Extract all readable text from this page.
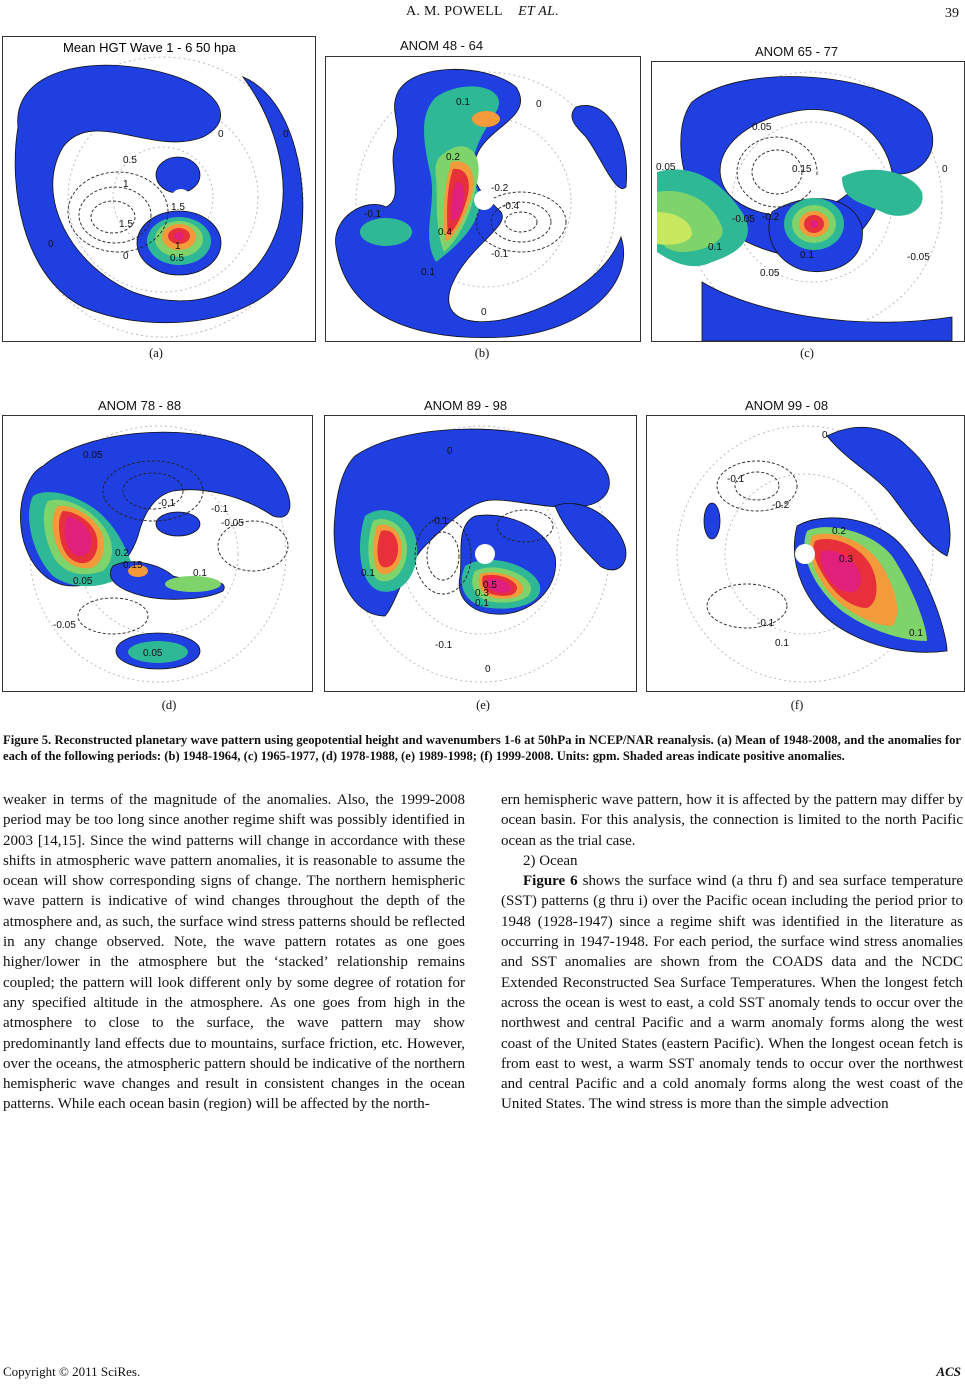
A. M. POWELL ET AL.	39
Mean HGT Wave 1 - 6 50 hpa
0.5
1
1.5
1.5
1
0.5
0
0
0
0
0.1
0.2
-0.1
-0.2
-0.4
0.4
-0.1
0.1
0
0
ANOM 48 - 64
0.05
0.15
0.05
-0.05 -0.2
0.1
0.1
0.05
-0.05
0
ANOM 65 - 77
(a)	(b)	(c)
0.05
-0.1
-0.05
0.2
0.15
0.05
0.1
-0.05
0.05
-0.1
ANOM 78 - 88
-0.1
0.1
0.5
0.3
0.1
-0.1
0
0
ANOM 89 - 98
-0.1
-0.2
0.2
0.3
0.1
-0.1
0.1
0
ANOM 99 - 08
(d)	(e)	(f)
Figure 5. Reconstructed planetary wave pattern using geopotential height and wavenumbers 1-6 at 50hPa in NCEP/NAR reanalysis. (a) Mean of 1948-2008, and the anomalies for each of the following periods: (b) 1948-1964, (c) 1965-1977, (d) 1978-1988, (e) 1989-1998; (f) 1999-2008. Units: gpm. Shaded areas indicate positive anomalies.

weaker in terms of the magnitude of the anomalies. Also, the 1999-2008 period may be too long since another regime shift was possibly identified in 2003 [14,15]. Since the wind patterns will change in accordance with these shifts in atmospheric wave pattern anomalies, it is reasonable to assume the ocean will show corresponding signs of change. The northern hemispheric wave pattern is indicative of wind changes throughout the depth of the atmosphere and, as such, the surface wind stress patterns should be reflected in any change observed. Note, the wave pattern rotates as one goes higher/lower in the atmosphere but the ‘stacked’ relationship remains coupled; the pattern will look different only by some degree of rotation for any specified altitude in the atmosphere. As one goes from high in the atmosphere to close to the surface, the wave pattern may show predominantly land effects due to mountains, surface friction, etc. However, over the oceans, the atmospheric pattern should be indicative of the northern hemispheric wave changes and result in consistent changes in the ocean patterns. While each ocean basin (region) will be affected by the north-

ern hemispheric wave pattern, how it is affected by the pattern may differ by ocean basin. For this analysis, the connection is limited to the north Pacific ocean as the trial case.

2) Ocean

Figure 6 shows the surface wind (a thru f) and sea surface temperature (SST) patterns (g thru i) over the Pacific ocean including the period prior to 1948 (1928-1947) since a regime shift was identified in the literature as occurring in 1947-1948. For each period, the surface wind stress anomalies and SST anomalies are shown from the COADS data and the NCDC Extended Reconstructed Sea Surface Temperatures. When the longest fetch across the ocean is west to east, a cold SST anomaly tends to occur over the northwest and central Pacific and a warm anomaly forms along the west coast of the United States (eastern Pacific). When the longest ocean fetch is from east to west, a warm SST anomaly tends to occur over the northwest and central Pacific and a cold anomaly forms along the west coast of the United States. The wind stress is more than the simple advection

Copyright © 2011 SciRes.	ACS
